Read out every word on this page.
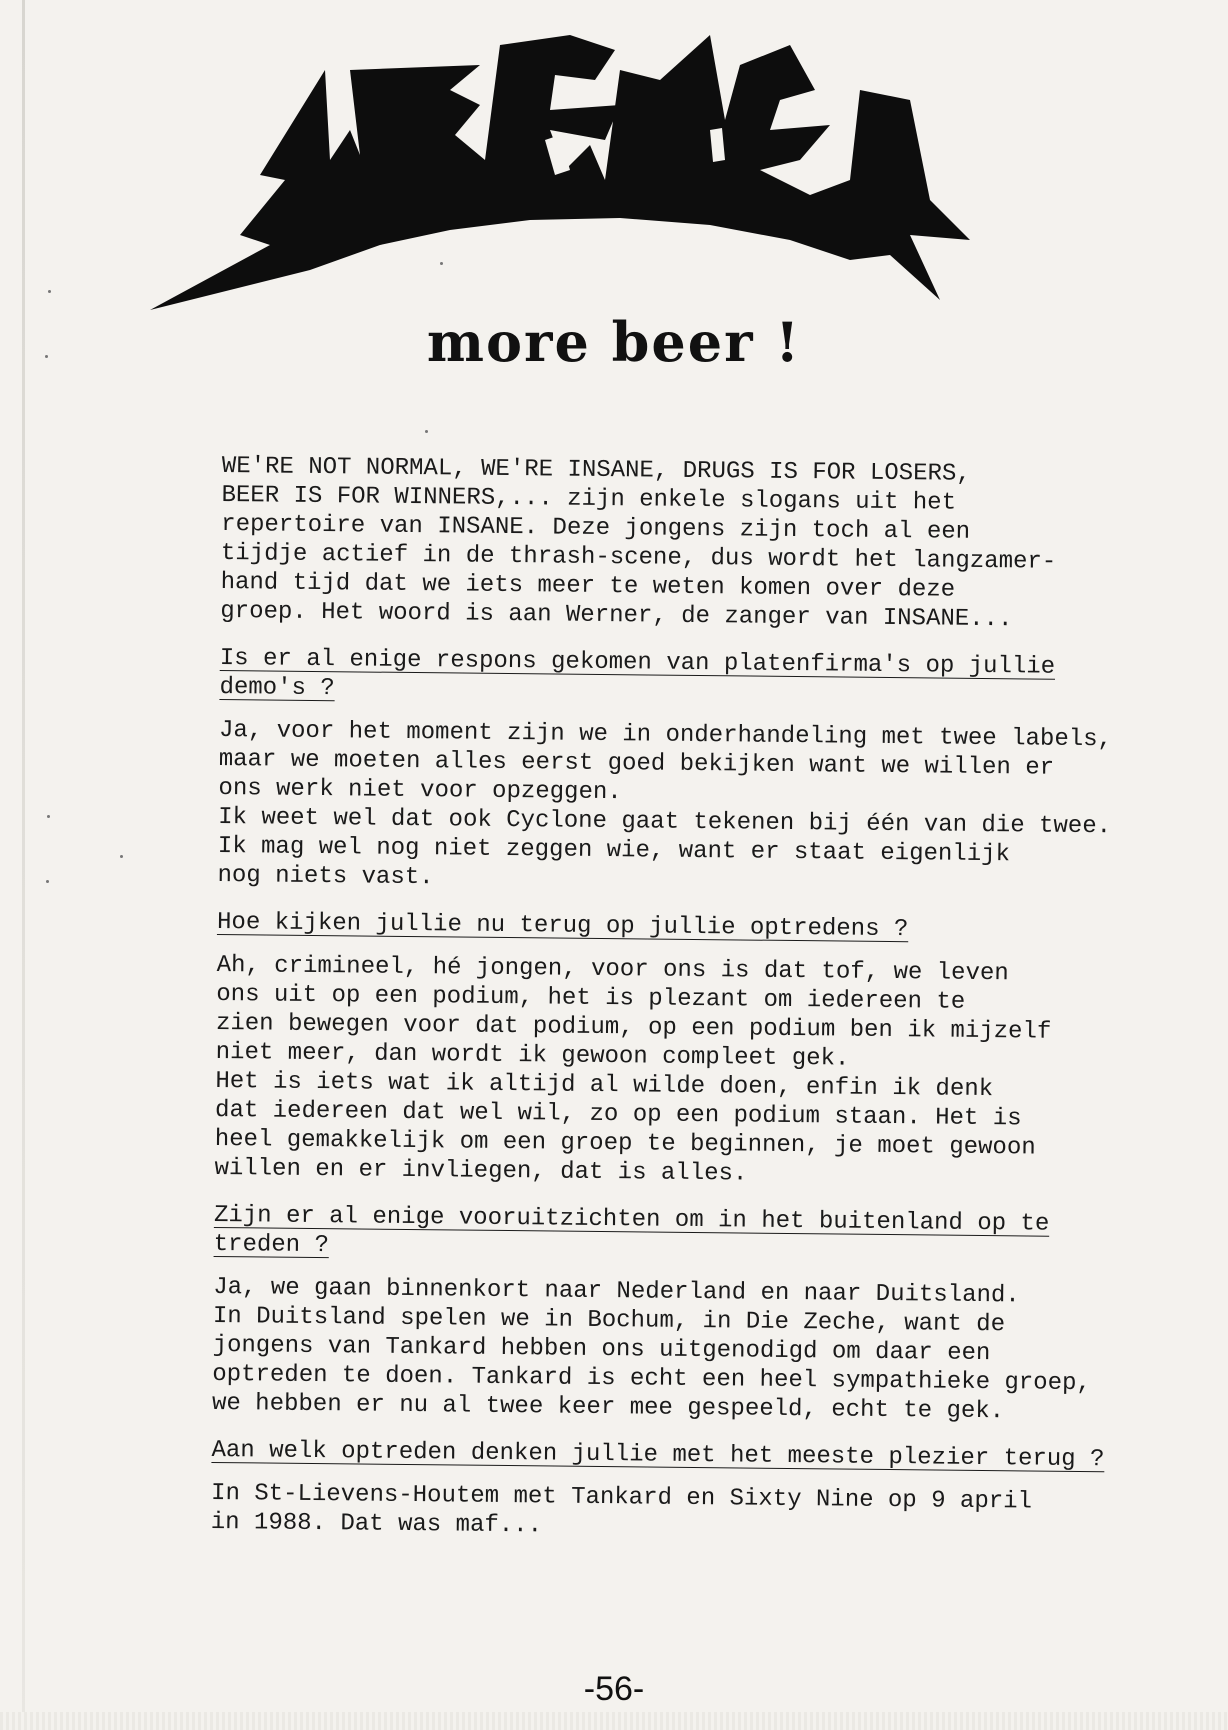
more beer !
WE'RE NOT NORMAL, WE'RE INSANE, DRUGS IS FOR LOSERS,
BEER IS FOR WINNERS,... zijn enkele slogans uit het
repertoire van INSANE. Deze jongens zijn toch al een
tijdje actief in de thrash-scene, dus wordt het langzamer-
hand tijd dat we iets meer te weten komen over deze
groep. Het woord is aan Werner, de zanger van INSANE...
Is er al enige respons gekomen van platenfirma's op jullie
demo's ?
Ja, voor het moment zijn we in onderhandeling met twee labels,
maar we moeten alles eerst goed bekijken want we willen er
ons werk niet voor opzeggen.
Ik weet wel dat ook Cyclone gaat tekenen bij één van die twee.
Ik mag wel nog niet zeggen wie, want er staat eigenlijk
nog niets vast.
Hoe kijken jullie nu terug op jullie optredens ?
Ah, crimineel, hé jongen, voor ons is dat tof, we leven
ons uit op een podium, het is plezant om iedereen te
zien bewegen voor dat podium, op een podium ben ik mijzelf
niet meer, dan wordt ik gewoon compleet gek.
Het is iets wat ik altijd al wilde doen, enfin ik denk
dat iedereen dat wel wil, zo op een podium staan. Het is
heel gemakkelijk om een groep te beginnen, je moet gewoon
willen en er invliegen, dat is alles.
Zijn er al enige vooruitzichten om in het buitenland op te
treden ?
Ja, we gaan binnenkort naar Nederland en naar Duitsland.
In Duitsland spelen we in Bochum, in Die Zeche, want de
jongens van Tankard hebben ons uitgenodigd om daar een
optreden te doen. Tankard is echt een heel sympathieke groep,
we hebben er nu al twee keer mee gespeeld, echt te gek.
Aan welk optreden denken jullie met het meeste plezier terug ?
In St-Lievens-Houtem met Tankard en Sixty Nine op 9 april
in 1988. Dat was maf...
-56-
